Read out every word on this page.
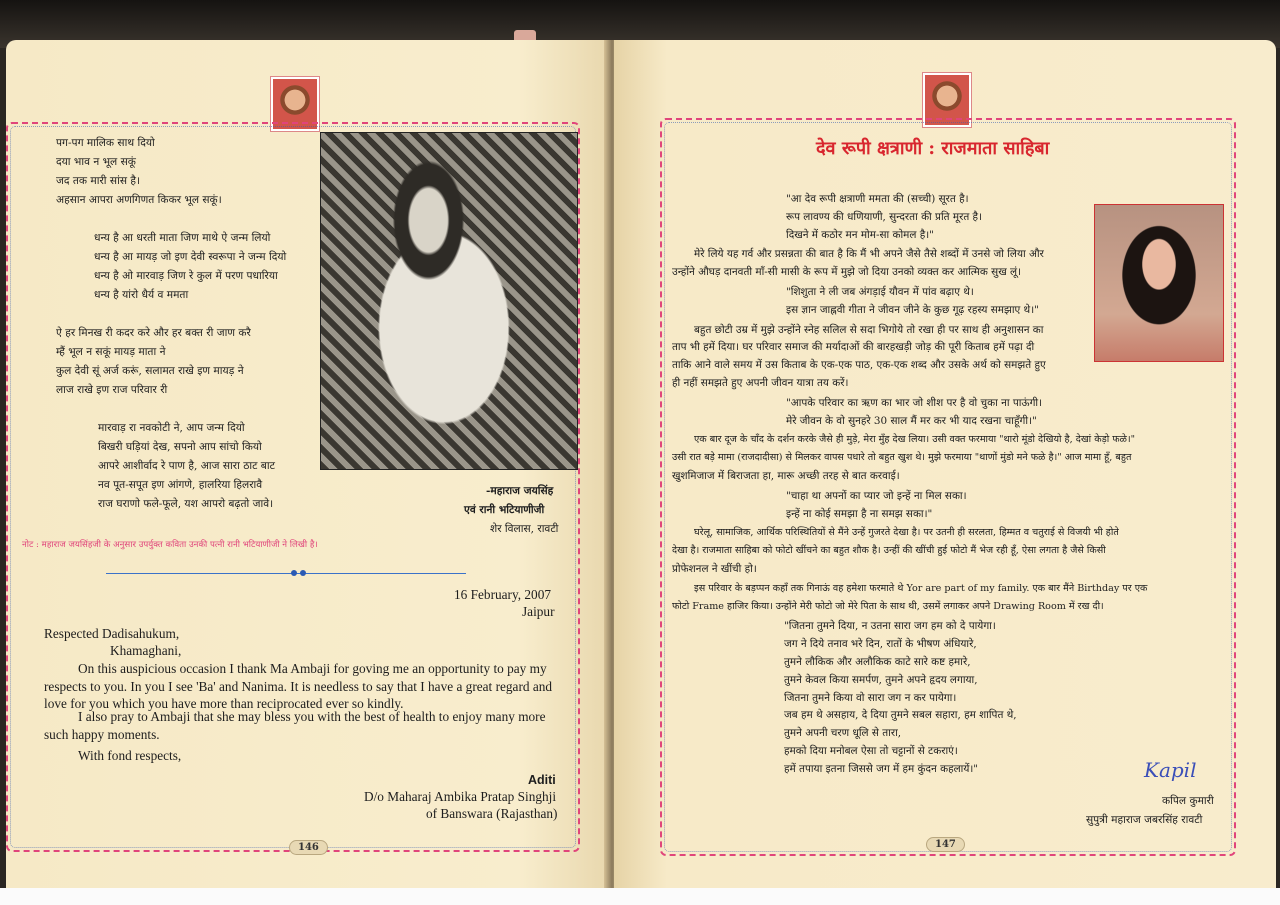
पग-पग मालिक साथ दियो
दया भाव न भूल सकूं
जद तक मारी सांस है।
अहसान आपरा अणगिणत किकर भूल सकूं।
धन्य है आ धरती माता जिण माथे ऐ जन्म लियो
धन्य है आ मायड़ जो इण देवी स्वरूपा ने जन्म दियो
धन्य है ओ मारवाड़ जिण रे कुल में परण पधारिया
धन्य है यांरो धैर्य व ममता
ऐ हर मिनख री कदर करे और हर बक्त री जाण करै
म्हैं भूल न सकूं मायड़ माता ने
कुल देवी सूं अर्ज करूं, सलामत राखे इण मायड़ ने
लाज राखे इण राज परिवार री
मारवाड़ रा नवकोटी ने, आप जन्म दियो
बिखरी घड़ियां देख, सपनो आप सांचो कियो
आपरे आशीर्वाद रे पाण है, आज सारा ठाट बाट
नव पूत-सपूत इण आंगणे, हालरिया हिलरावै
राज घराणो फले-फूले, यश आपरो बढ़तो जावे।
-महाराज जयसिंह
एवं रानी भटियाणीजी
शेर विलास, रावटी
नोट : महाराज जयसिंहजी के अनुसार उपर्युक्त कविता उनकी पत्नी रानी भटियाणीजी ने लिखी है।
16 February, 2007
Jaipur
Respected Dadisahukum,
Khamaghani,
On this auspicious occasion I thank Ma Ambaji for goving me an opportunity to pay my
respects to you. In you I see 'Ba' and Nanima. It is needless to say that I have a great regard and
love for you which you have more than reciprocated ever so kindly.
I also pray to Ambaji that she may bless you with the best of health to enjoy many more
such happy moments.
With fond respects,
Aditi
D/o Maharaj Ambika Pratap Singhji
of Banswara (Rajasthan)
146
देव रूपी क्षत्राणी : राजमाता साहिबा
"आ देव रूपी क्षत्राणी ममता की (सच्ची) सूरत है।
रूप लावण्य की धणियाणी, सुन्दरता की प्रति मूरत है।
दिखने में कठोर मन मोम-सा कोमल है।"
मेरे लिये यह गर्व और प्रसन्नता की बात है कि मैं भी अपने जैसे तैसे शब्दों में उनसे जो लिया और
उन्होंने औघड़ दानवती माँ-सी मासी के रूप में मुझे जो दिया उनको व्यक्त कर आत्मिक सुख लूं।
"शिशुता ने ली जब अंगड़ाई यौवन में पांव बढ़ाए थे।
इस ज्ञान जाह्नवी गीता ने जीवन जीने के कुछ गूढ़ रहस्य समझाए थे।"
बहुत छोटी उम्र में मुझे उन्होंने स्नेह सलिल से सदा भिगोये तो रखा ही पर साथ ही अनुशासन का
ताप भी हमें दिया। घर परिवार समाज की मर्यादाओं की बारहखड़ी जोड़ की पूरी किताब हमें पढ़ा दी
ताकि आने वाले समय में उस किताब के एक-एक पाठ, एक-एक शब्द और उसके अर्थ को समझते हुए
ही नहीं समझते हुए अपनी जीवन यात्रा तय करें।
"आपके परिवार का ऋण का भार जो शीश पर है वो चुका ना पाऊंगी।
मेरे जीवन के वो सुनहरे 30 साल मैं मर कर भी याद रखना चाहूँगी।"
एक बार दूज के चाँद के दर्शन करके जैसे ही मुड़े, मेरा मुँह देख लिया। उसी वक्त फरमाया "थारो मूंडो देखियो है, देखां केड़ो फळे।"
उसी रात बड़े मामा (राजदादीसा) से मिलकर वापस पधारे तो बहुत खुश थे। मुझे फरमाया "थाणों मुंडो मने फळे है।" आज मामा हूँ, बहुत
खुशमिजाज में बिराजता हा, मारू अच्छी तरह से बात करवाई।
"चाहा था अपनों का प्यार जो इन्हें ना मिल सका।
इन्हें ना कोई समझा है ना समझ सका।"
घरेलू, सामाजिक, आर्थिक परिस्थितियों से मैंने उन्हें गुजरते देखा है। पर उतनी ही सरलता, हिम्मत व चतुराई से विजयी भी होते
देखा है। राजमाता साहिबा को फोटो खींचने का बहुत शौक है। उन्हीं की खींची हुई फोटो मैं भेज रही हूँ, ऐसा लगता है जैसे किसी
प्रोफेशनल ने खींची हो।
इस परिवार के बड़प्पन कहाँ तक गिनाऊं वह हमेशा फरमाते थे Yor are part of my family. एक बार मैंने Birthday पर एक
फोटो Frame हाजिर किया। उन्होंने मेरी फोटो जो मेरे पिता के साथ थी, उसमें लगाकर अपने Drawing Room में रख दी।
"जितना तुमने दिया, न उतना सारा जग हम को दे पायेगा।
जग ने दिये तनाव भरे दिन, रातों के भीषण अंधियारे,
तुमने लौकिक और अलौकिक काटे सारे कष्ट हमारे,
तुमने केवल किया समर्पण, तुमने अपने हृदय लगाया,
जितना तुमने किया वो सारा जग न कर पायेगा।
जब हम थे असहाय, दे दिया तुमने सबल सहारा, हम शापित थे,
तुमने अपनी चरण धूलि से तारा,
हमको दिया मनोबल ऐसा तो चट्टानों से टकराएं।
हमें तपाया इतना जिससे जग में हम कुंदन कहलायें।"	Kapil
कपिल कुमारी
सुपुत्री महाराज जबरसिंह रावटी
147
